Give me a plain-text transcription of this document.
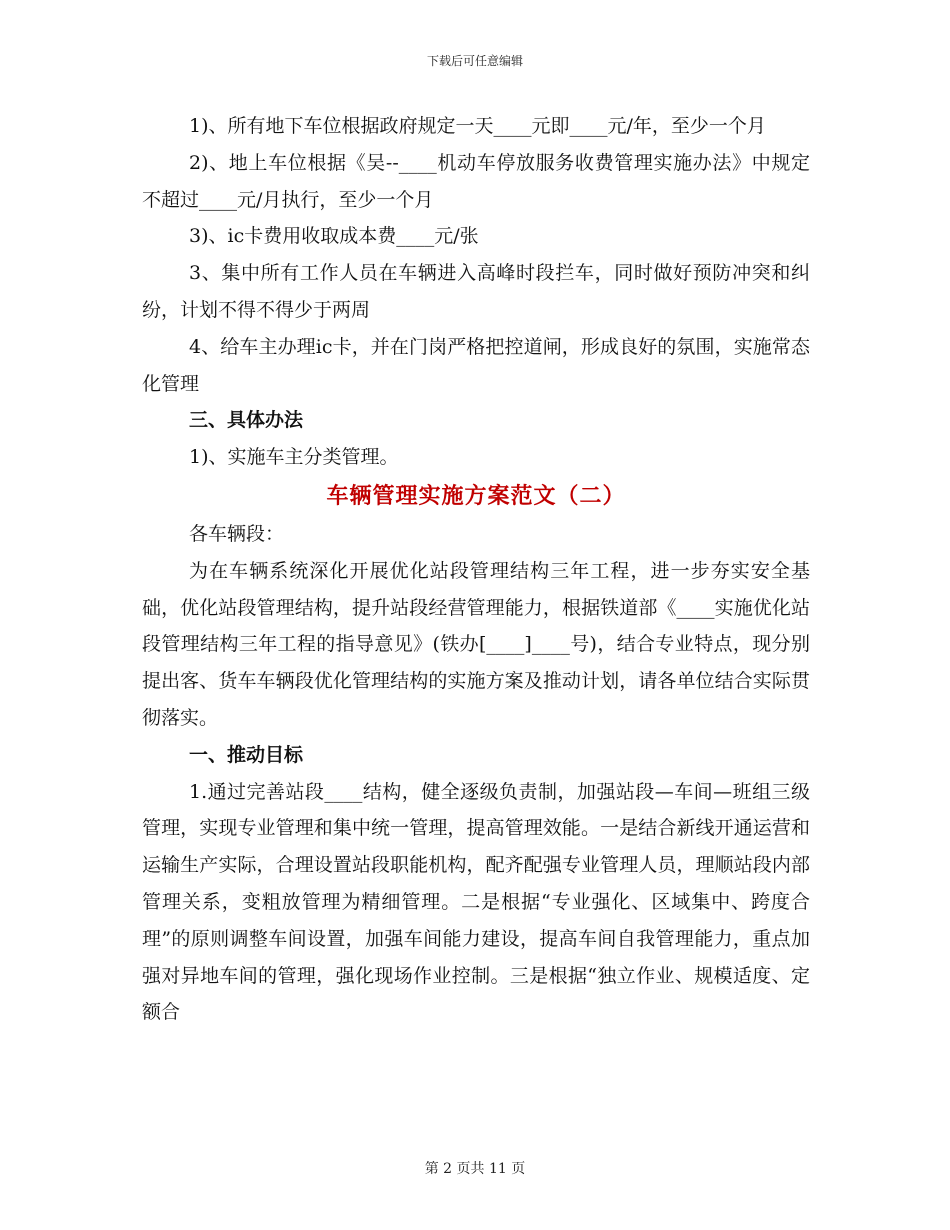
下载后可任意编辑

1)、所有地下车位根据政府规定一天____元即____元/年，至少一个月

2)、地上车位根据《吴--____机动车停放服务收费管理实施办法》中规定不超过____元/月执行，至少一个月

3)、ic卡费用收取成本费____元/张

3、集中所有工作人员在车辆进入高峰时段拦车，同时做好预防冲突和纠纷，计划不得不得少于两周

4、给车主办理ic卡，并在门岗严格把控道闸，形成良好的氛围，实施常态化管理

三、具体办法

1)、实施车主分类管理。

车辆管理实施方案范文（二）

各车辆段：

为在车辆系统深化开展优化站段管理结构三年工程，进一步夯实安全基础，优化站段管理结构，提升站段经营管理能力，根据铁道部《____实施优化站段管理结构三年工程的指导意见》(铁办[____]____号)，结合专业特点，现分别提出客、货车车辆段优化管理结构的实施方案及推动计划，请各单位结合实际贯彻落实。

一、推动目标

1.通过完善站段____结构，健全逐级负责制，加强站段—车间—班组三级管理，实现专业管理和集中统一管理，提高管理效能。一是结合新线开通运营和运输生产实际，合理设置站段职能机构，配齐配强专业管理人员，理顺站段内部管理关系，变粗放管理为精细管理。二是根据“专业强化、区域集中、跨度合理”的原则调整车间设置，加强车间能力建设，提高车间自我管理能力，重点加强对异地车间的管理，强化现场作业控制。三是根据“独立作业、规模适度、定额合

第 2 页共 11 页
